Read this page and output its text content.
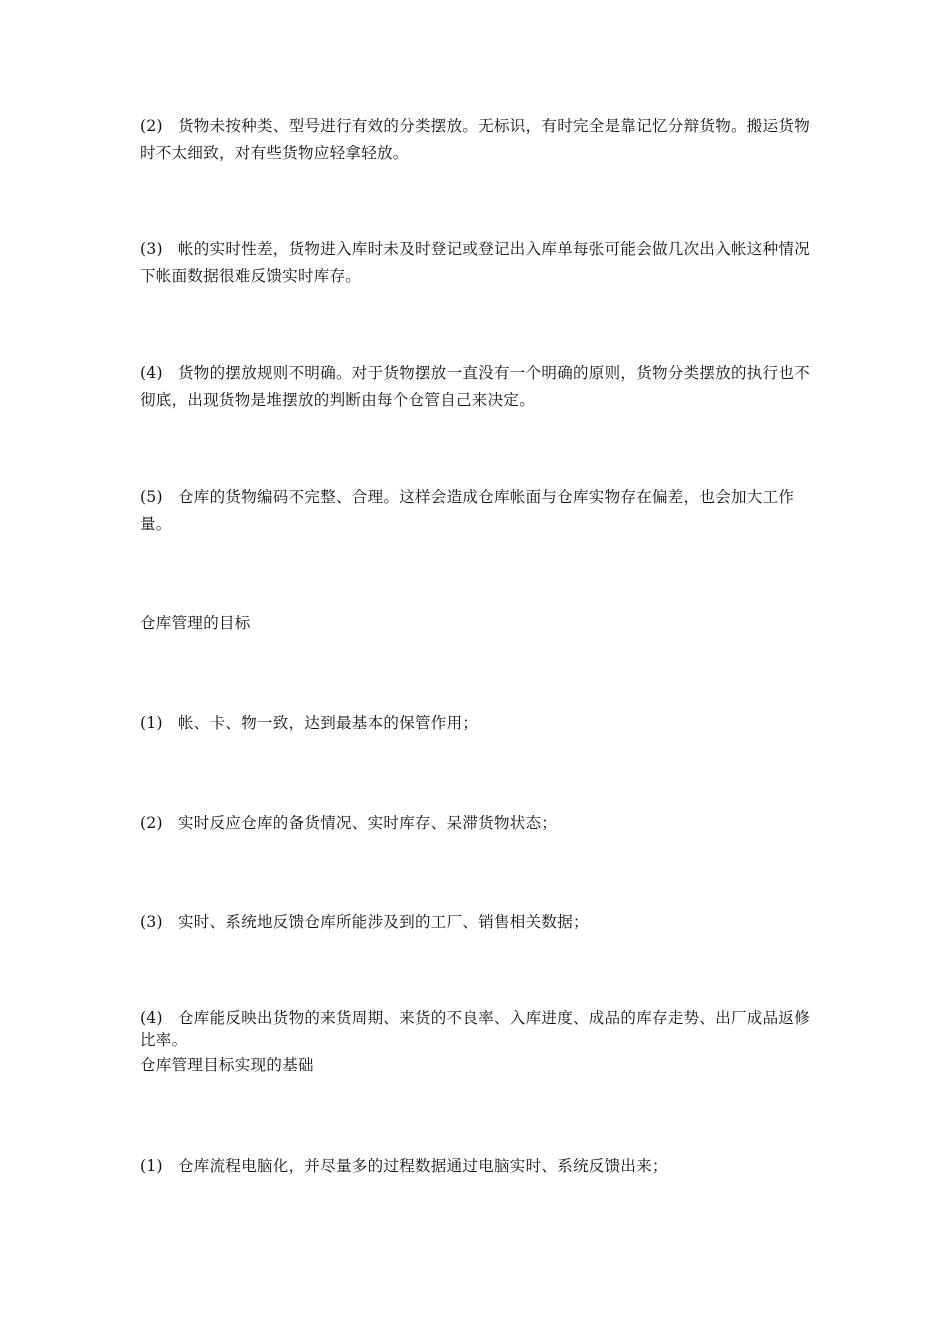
(2) 货物未按种类、型号进行有效的分类摆放。无标识，有时完全是靠记忆分辩货物。搬运货物时不太细致，对有些货物应轻拿轻放。

(3) 帐的实时性差，货物进入库时未及时登记或登记出入库单每张可能会做几次出入帐这种情况下帐面数据很难反馈实时库存。

(4) 货物的摆放规则不明确。对于货物摆放一直没有一个明确的原则，货物分类摆放的执行也不彻底，出现货物是堆摆放的判断由每个仓管自己来决定。

(5) 仓库的货物编码不完整、合理。这样会造成仓库帐面与仓库实物存在偏差，也会加大工作量。

仓库管理的目标

(1) 帐、卡、物一致，达到最基本的保管作用；

(2) 实时反应仓库的备货情况、实时库存、呆滞货物状态；

(3) 实时、系统地反馈仓库所能涉及到的工厂、销售相关数据；

(4) 仓库能反映出货物的来货周期、来货的不良率、入库进度、成品的库存走势、出厂成品返修比率。

仓库管理目标实现的基础

(1) 仓库流程电脑化，并尽量多的过程数据通过电脑实时、系统反馈出来；
